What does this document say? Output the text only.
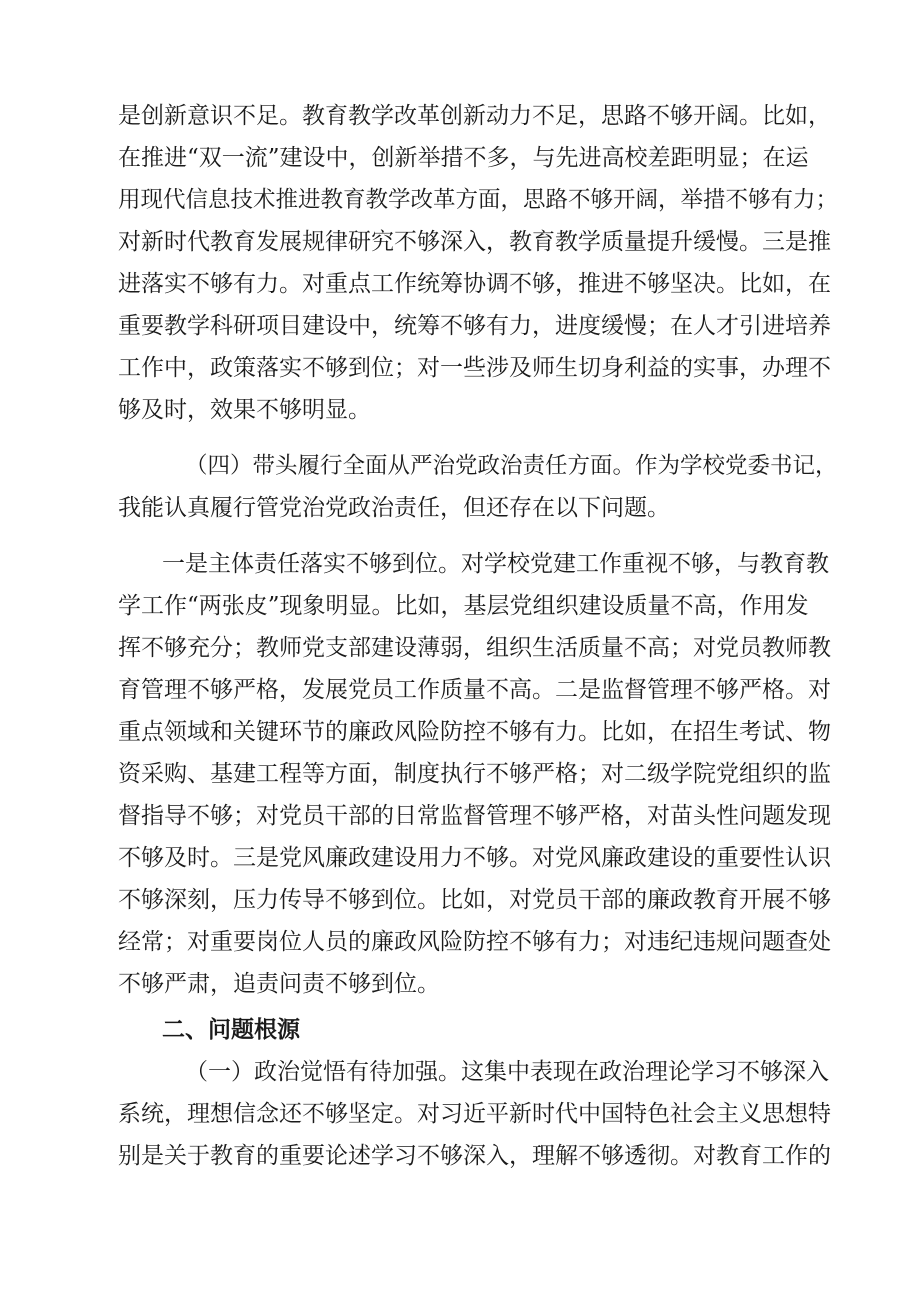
是创新意识不足。教育教学改革创新动力不足，思路不够开阔。比如，
在推进“双一流”建设中，创新举措不多，与先进高校差距明显；在运
用现代信息技术推进教育教学改革方面，思路不够开阔，举措不够有力；
对新时代教育发展规律研究不够深入，教育教学质量提升缓慢。三是推
进落实不够有力。对重点工作统筹协调不够，推进不够坚决。比如，在
重要教学科研项目建设中，统筹不够有力，进度缓慢；在人才引进培养
工作中，政策落实不够到位；对一些涉及师生切身利益的实事，办理不
够及时，效果不够明显。
（四）带头履行全面从严治党政治责任方面。作为学校党委书记，
我能认真履行管党治党政治责任，但还存在以下问题。
一是主体责任落实不够到位。对学校党建工作重视不够，与教育教
学工作“两张皮”现象明显。比如，基层党组织建设质量不高，作用发
挥不够充分；教师党支部建设薄弱，组织生活质量不高；对党员教师教
育管理不够严格，发展党员工作质量不高。二是监督管理不够严格。对
重点领域和关键环节的廉政风险防控不够有力。比如，在招生考试、物
资采购、基建工程等方面，制度执行不够严格；对二级学院党组织的监
督指导不够；对党员干部的日常监督管理不够严格，对苗头性问题发现
不够及时。三是党风廉政建设用力不够。对党风廉政建设的重要性认识
不够深刻，压力传导不够到位。比如，对党员干部的廉政教育开展不够
经常；对重要岗位人员的廉政风险防控不够有力；对违纪违规问题查处
不够严肃，追责问责不够到位。
二、问题根源
（一）政治觉悟有待加强。这集中表现在政治理论学习不够深入
系统，理想信念还不够坚定。对习近平新时代中国特色社会主义思想特
别是关于教育的重要论述学习不够深入，理解不够透彻。对教育工作的
